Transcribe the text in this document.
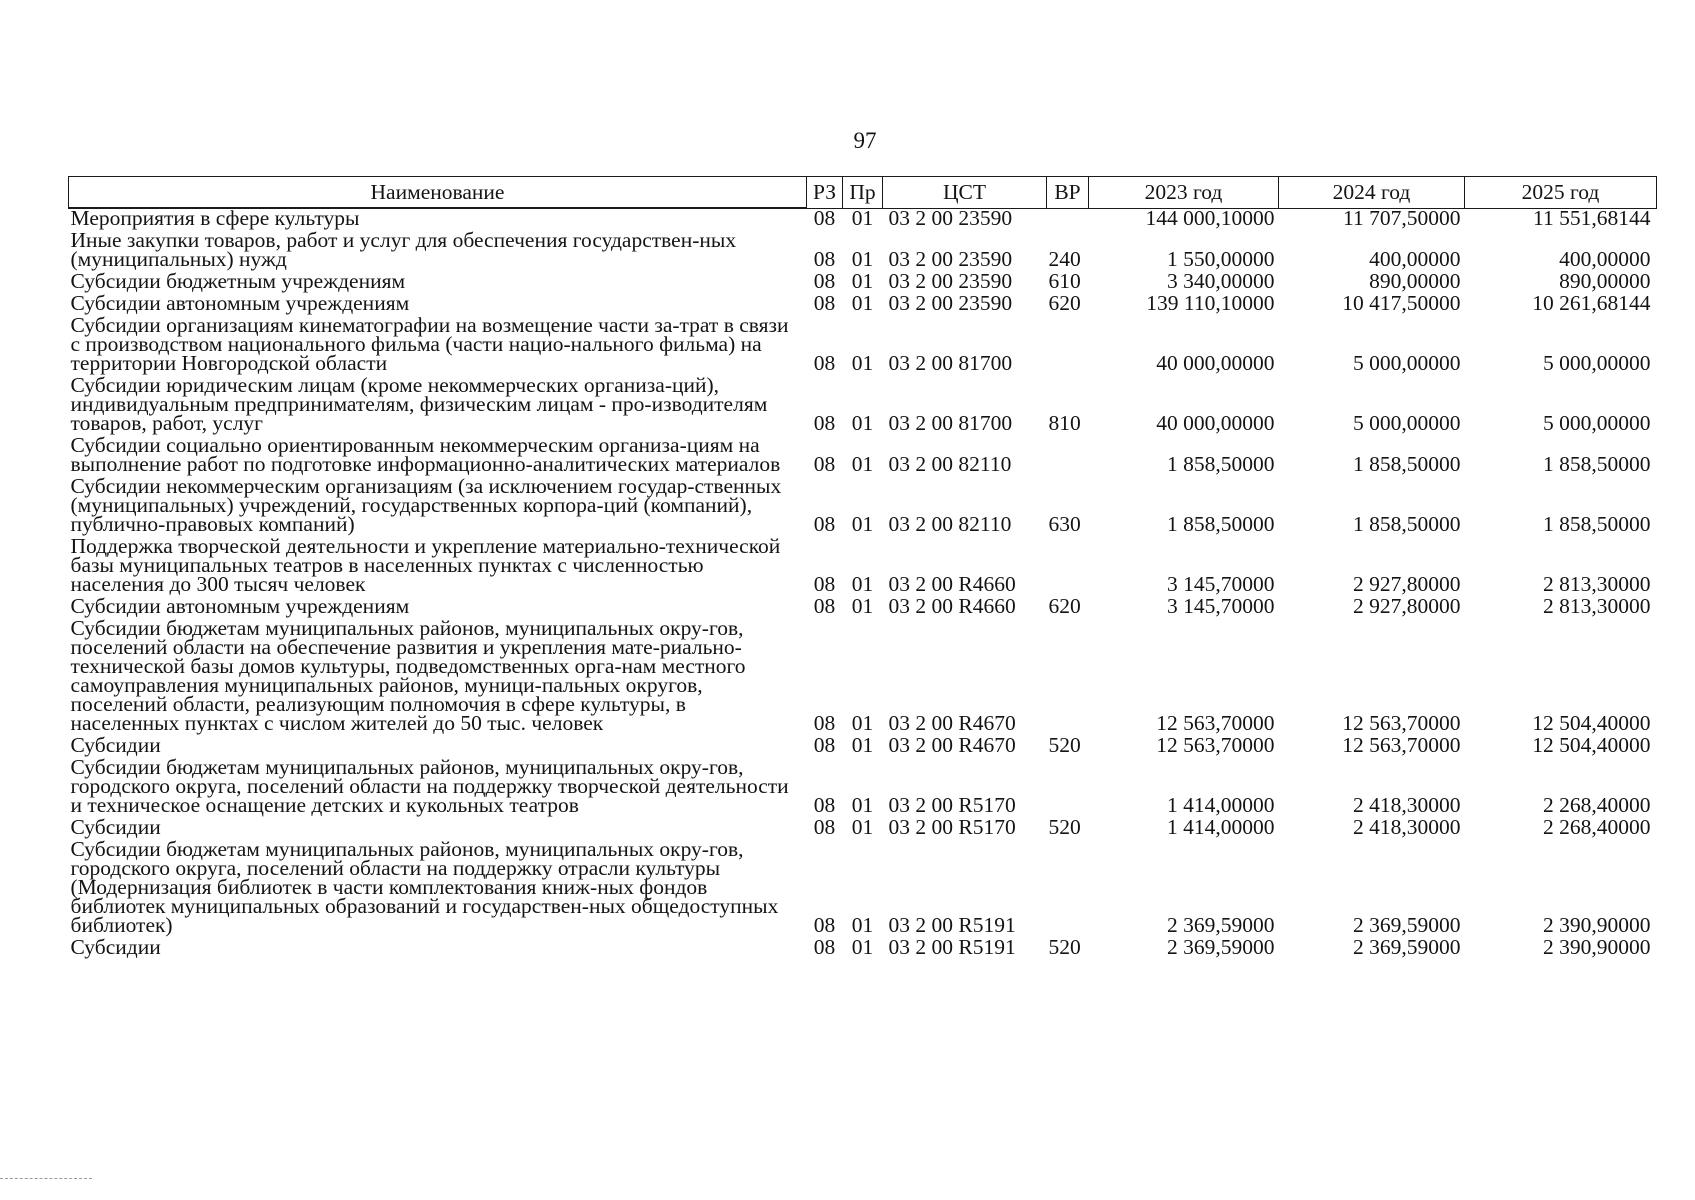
97
Наименование	РЗ	Пр	ЦСТ	ВР	2023 год	2024 год	2025 год
Мероприятия в сфере культуры	08	01	03 2 00 23590		144 000,10000	11 707,50000	11 551,68144
Иные закупки товаров, работ и услуг для обеспечения государствен-ных (муниципальных) нужд	08	01	03 2 00 23590	240	1 550,00000	400,00000	400,00000
Субсидии бюджетным учреждениям	08	01	03 2 00 23590	610	3 340,00000	890,00000	890,00000
Субсидии автономным учреждениям	08	01	03 2 00 23590	620	139 110,10000	10 417,50000	10 261,68144
Субсидии организациям кинематографии на возмещение части за-трат в связи с производством национального фильма (части нацио-нального фильма) на территории Новгородской области	08	01	03 2 00 81700		40 000,00000	5 000,00000	5 000,00000
Субсидии юридическим лицам (кроме некоммерческих организа-ций), индивидуальным предпринимателям, физическим лицам - про-изводителям товаров, работ, услуг	08	01	03 2 00 81700	810	40 000,00000	5 000,00000	5 000,00000
Субсидии социально ориентированным некоммерческим организа-циям на выполнение работ по подготовке информационно-аналитических материалов	08	01	03 2 00 82110		1 858,50000	1 858,50000	1 858,50000
Субсидии некоммерческим организациям (за исключением государ-ственных (муниципальных) учреждений, государственных корпора-ций (компаний), публично-правовых компаний)	08	01	03 2 00 82110	630	1 858,50000	1 858,50000	1 858,50000
Поддержка творческой деятельности и укрепление материально-технической базы муниципальных театров в населенных пунктах с численностью населения до 300 тысяч человек	08	01	03 2 00 R4660		3 145,70000	2 927,80000	2 813,30000
Субсидии автономным учреждениям	08	01	03 2 00 R4660	620	3 145,70000	2 927,80000	2 813,30000
Субсидии бюджетам муниципальных районов, муниципальных окру-гов, поселений области на обеспечение развития и укрепления мате-риально-технической базы домов культуры, подведомственных орга-нам местного самоуправления муниципальных районов, муници-пальных округов, поселений области, реализующим полномочия в сфере культуры, в населенных пунктах с числом жителей до 50 тыс. человек	08	01	03 2 00 R4670		12 563,70000	12 563,70000	12 504,40000
Субсидии	08	01	03 2 00 R4670	520	12 563,70000	12 563,70000	12 504,40000
Субсидии бюджетам муниципальных районов, муниципальных окру-гов, городского округа, поселений области на поддержку творческой деятельности и техническое оснащение детских и кукольных театров	08	01	03 2 00 R5170		1 414,00000	2 418,30000	2 268,40000
Субсидии	08	01	03 2 00 R5170	520	1 414,00000	2 418,30000	2 268,40000
Субсидии бюджетам муниципальных районов, муниципальных окру-гов, городского округа, поселений области на поддержку отрасли культуры (Модернизация библиотек в части комплектования книж-ных фондов библиотек муниципальных образований и государствен-ных общедоступных библиотек)	08	01	03 2 00 R5191		2 369,59000	2 369,59000	2 390,90000
Субсидии	08	01	03 2 00 R5191	520	2 369,59000	2 369,59000	2 390,90000
